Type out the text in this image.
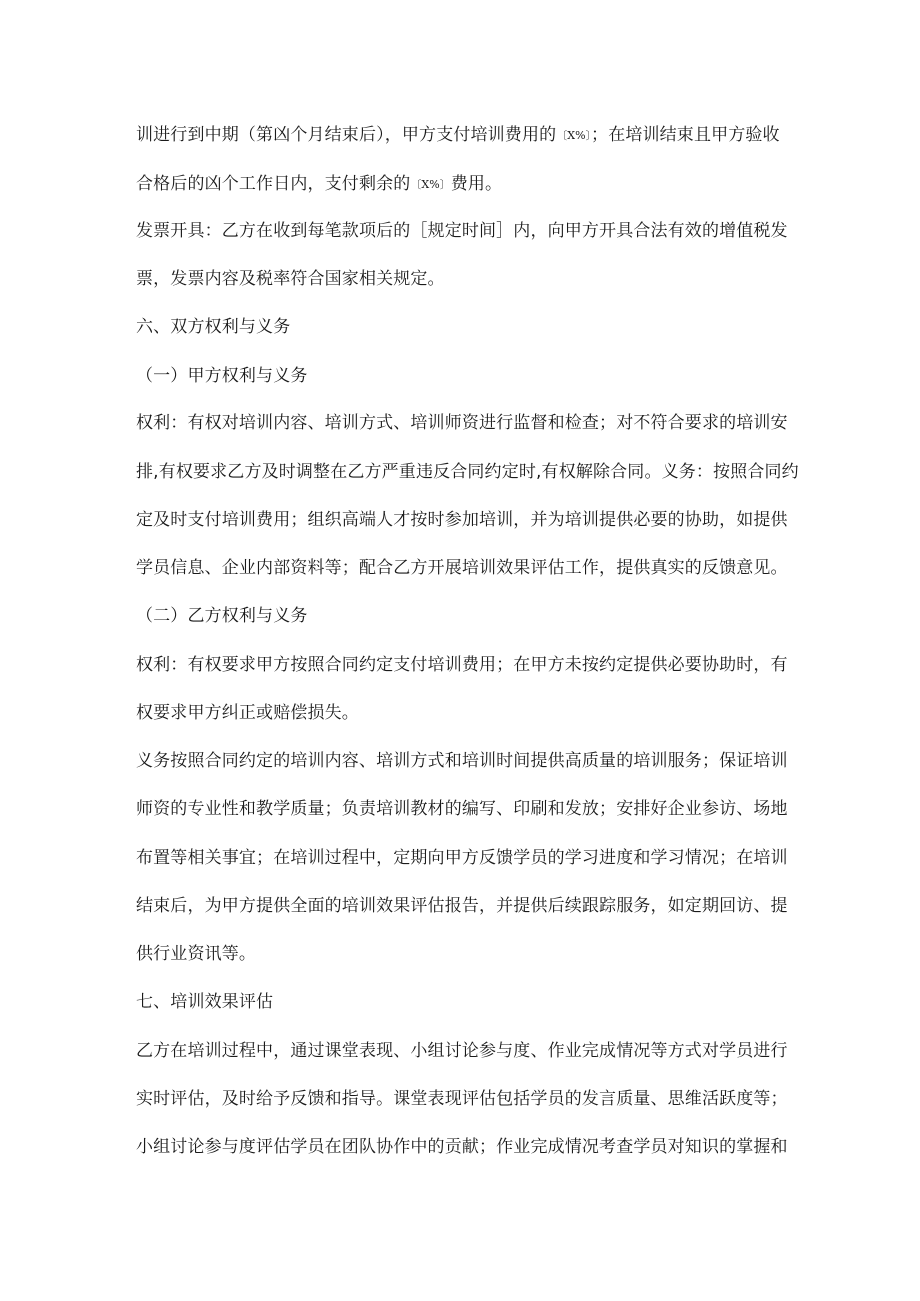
训进行到中期（第凶个月结束后），甲方支付培训费用的〔X%〕；在培训结束且甲方验收
合格后的凶个工作日内，支付剩余的〔X%〕费用。
发票开具：乙方在收到每笔款项后的［规定时间］内，向甲方开具合法有效的增值税发
票，发票内容及税率符合国家相关规定。
六、双方权利与义务
（一）甲方权利与义务
权利：有权对培训内容、培训方式、培训师资进行监督和检查；对不符合要求的培训安
排,有权要求乙方及时调整在乙方严重违反合同约定时,有权解除合同。义务：按照合同约
定及时支付培训费用；组织高端人才按时参加培训，并为培训提供必要的协助，如提供
学员信息、企业内部资料等；配合乙方开展培训效果评估工作，提供真实的反馈意见。
（二）乙方权利与义务
权利：有权要求甲方按照合同约定支付培训费用；在甲方未按约定提供必要协助时，有
权要求甲方纠正或赔偿损失。
义务按照合同约定的培训内容、培训方式和培训时间提供高质量的培训服务；保证培训
师资的专业性和教学质量；负责培训教材的编写、印刷和发放；安排好企业参访、场地
布置等相关事宜；在培训过程中，定期向甲方反馈学员的学习进度和学习情况；在培训
结束后，为甲方提供全面的培训效果评估报告，并提供后续跟踪服务，如定期回访、提
供行业资讯等。
七、培训效果评估
乙方在培训过程中，通过课堂表现、小组讨论参与度、作业完成情况等方式对学员进行
实时评估，及时给予反馈和指导。课堂表现评估包括学员的发言质量、思维活跃度等；
小组讨论参与度评估学员在团队协作中的贡献；作业完成情况考查学员对知识的掌握和
